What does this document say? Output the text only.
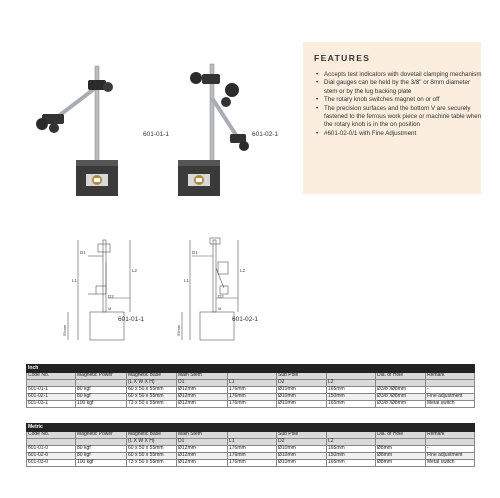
601-01-1	601-02-1
FEATURES
• Accepts test indicators with dovetail clamping mechanism
• Dial gauges can be held by the 3/8" or 8mm diameter stem or by the lug backing plate
• The rotary knob switches magnet on or off
• The precision surfaces and the bottom V are securely fastened to the ferrous work piece or machine table when the rotary knob is in the on position
• #601-02-0/1 with Fine Adjustment
D1
L1
L2
D2
M
55mm
601-01-1
D1
L1
L2
D2
M
55mm
601-02-1
Inch								
Code No.	Magnetic Power	Magnetic Base	Main Stem		Sub Pole		Dia. of Hole	Remark
		(L X W X H)	D1	L1	D2	L2		
601-01-1	80 kgf	60 x 50 x 55mm	Ø12mm	176mm	Ø10mm	165mm	Ø3/8"/Ø8mm	-
601-02-1	80 kgf	60 x 50 x 55mm	Ø12mm	176mm	Ø10mm	150mm	Ø3/8"/Ø8mm	Fine adjustment
601-03-1	100 kgf	73 x 50 x 55mm	Ø12mm	176mm	Ø10mm	165mm	Ø3/8"/Ø8mm	Metal switch
Metric								
Code No.	Magnetic Power	Magnetic Base	Main Stem		Sub Pole		Dia. of Hole	Remark
		(L X W X H)	D1	L1	D2	L2		
601-01-0	80 kgf	60 x 50 x 55mm	Ø12mm	176mm	Ø10mm	165mm	Ø8mm	-
601-02-0	80 kgf	60 x 50 x 55mm	Ø12mm	176mm	Ø10mm	150mm	Ø8mm	Fine adjustment
601-03-0	100 kgf	73 x 50 x 55mm	Ø12mm	176mm	Ø10mm	165mm	Ø8mm	Metal switch
